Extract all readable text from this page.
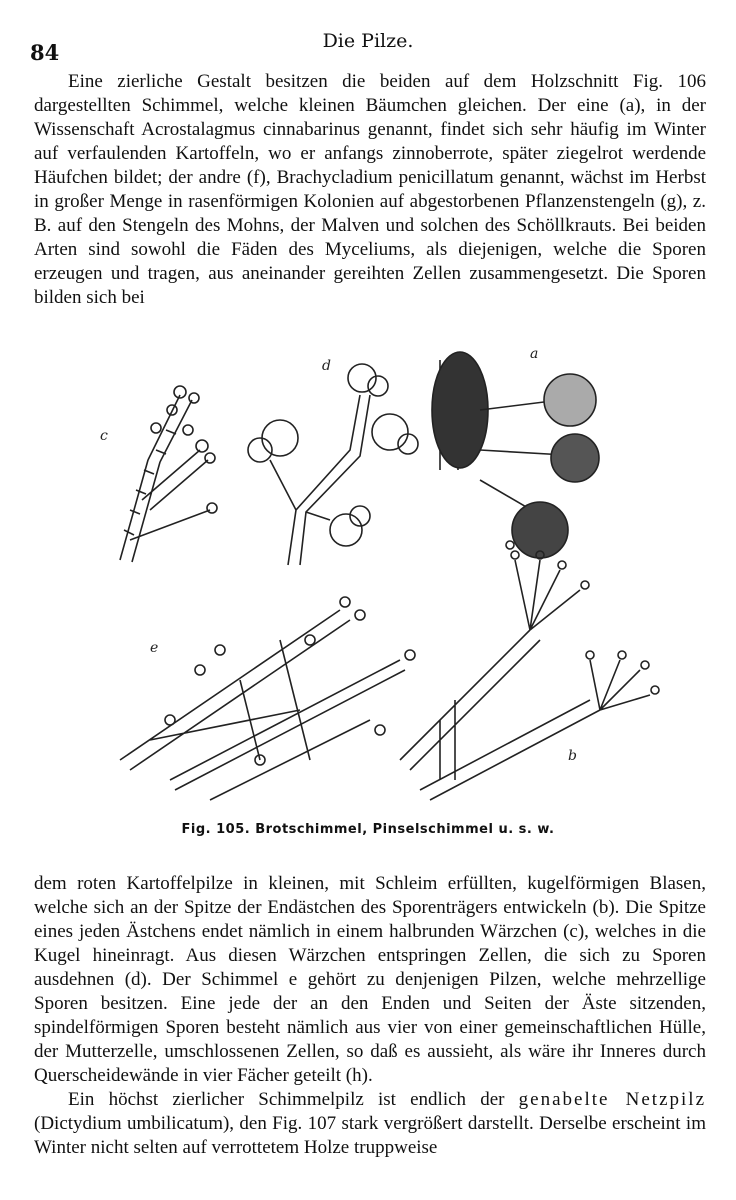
84	Die Pilze.

Eine zierliche Gestalt besitzen die beiden auf dem Holzschnitt Fig. 106 dargestellten Schimmel, welche kleinen Bäumchen gleichen. Der eine (a), in der Wissenschaft Acrostalagmus cinnabarinus genannt, findet sich sehr häufig im Winter auf verfaulenden Kartoffeln, wo er anfangs zinnoberrote, später ziegelrot werdende Häufchen bildet; der andre (f), Brachycladium penicillatum genannt, wächst im Herbst in großer Menge in rasenförmigen Kolonien auf abgestorbenen Pflanzenstengeln (g), z. B. auf den Stengeln des Mohns, der Malven und solchen des Schöllkrauts. Bei beiden Arten sind sowohl die Fäden des Myceliums, als diejenigen, welche die Sporen erzeugen und tragen, aus aneinander gereihten Zellen zusammengesetzt. Die Sporen bilden sich bei

c
d
a
e
b
Fig. 105. Brotschimmel, Pinselschimmel u. s. w.

dem roten Kartoffelpilze in kleinen, mit Schleim erfüllten, kugelförmigen Blasen, welche sich an der Spitze der Endästchen des Sporenträgers entwickeln (b). Die Spitze eines jeden Ästchens endet nämlich in einem halbrunden Wärzchen (c), welches in die Kugel hineinragt. Aus diesen Wärzchen entspringen Zellen, die sich zu Sporen ausdehnen (d). Der Schimmel e gehört zu denjenigen Pilzen, welche mehrzellige Sporen besitzen. Eine jede der an den Enden und Seiten der Äste sitzenden, spindelförmigen Sporen besteht nämlich aus vier von einer gemeinschaftlichen Hülle, der Mutterzelle, umschlossenen Zellen, so daß es aussieht, als wäre ihr Inneres durch Querscheidewände in vier Fächer geteilt (h).

Ein höchst zierlicher Schimmelpilz ist endlich der genabelte Netzpilz (Dictydium umbilicatum), den Fig. 107 stark vergrößert darstellt. Derselbe erscheint im Winter nicht selten auf verrottetem Holze truppweise
